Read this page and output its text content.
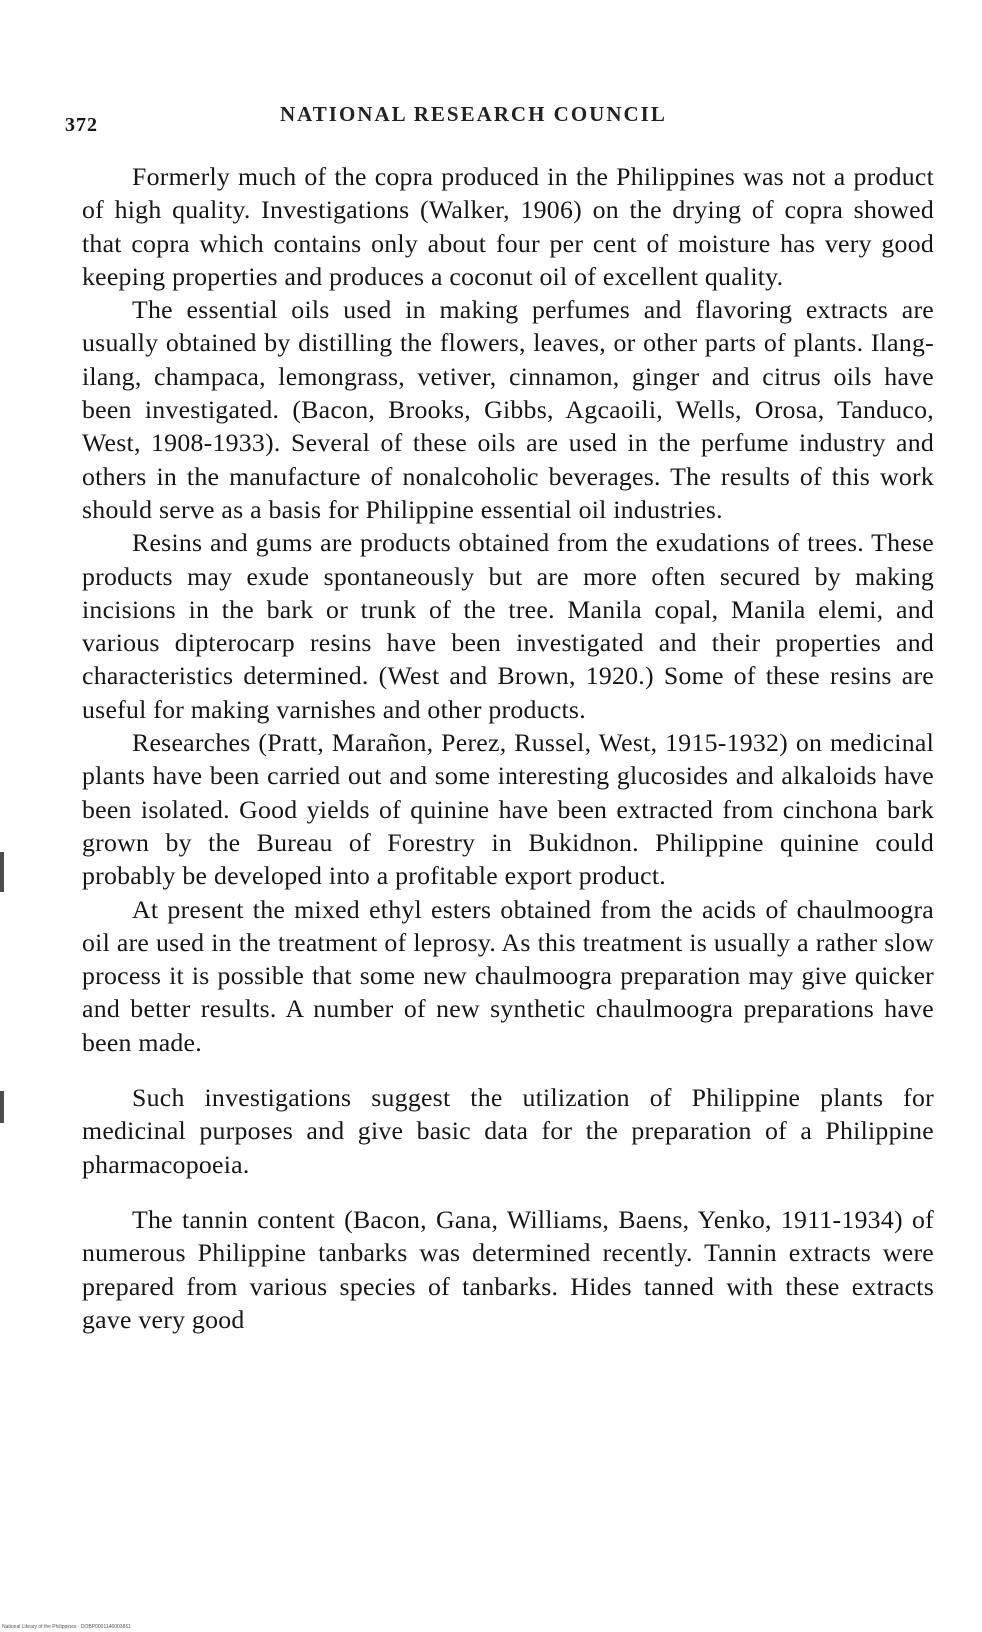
372	NATIONAL RESEARCH COUNCIL

Formerly much of the copra produced in the Philippines was not a product of high quality. Investigations (Walker, 1906) on the drying of copra showed that copra which contains only about four per cent of moisture has very good keeping properties and produces a coconut oil of excellent quality.

The essential oils used in making perfumes and flavoring extracts are usually obtained by distilling the flowers, leaves, or other parts of plants. Ilang-ilang, champaca, lemongrass, vetiver, cinnamon, ginger and citrus oils have been investigated. (Bacon, Brooks, Gibbs, Agcaoili, Wells, Orosa, Tanduco, West, 1908-1933). Several of these oils are used in the perfume industry and others in the manufacture of nonalcoholic beverages. The results of this work should serve as a basis for Philippine essential oil industries.

Resins and gums are products obtained from the exudations of trees. These products may exude spontaneously but are more often secured by making incisions in the bark or trunk of the tree. Manila copal, Manila elemi, and various dipterocarp resins have been investigated and their properties and characteristics determined. (West and Brown, 1920.) Some of these resins are useful for making varnishes and other products.

Researches (Pratt, Marañon, Perez, Russel, West, 1915-1932) on medicinal plants have been carried out and some interesting glucosides and alkaloids have been isolated. Good yields of quinine have been extracted from cinchona bark grown by the Bureau of Forestry in Bukidnon. Philippine quinine could probably be developed into a profitable export product.

At present the mixed ethyl esters obtained from the acids of chaulmoogra oil are used in the treatment of leprosy. As this treatment is usually a rather slow process it is possible that some new chaulmoogra preparation may give quicker and better results. A number of new synthetic chaulmoogra preparations have been made.

Such investigations suggest the utilization of Philippine plants for medicinal purposes and give basic data for the preparation of a Philippine pharmacopoeia.

The tannin content (Bacon, Gana, Williams, Baens, Yenko, 1911-1934) of numerous Philippine tanbarks was determined recently. Tannin extracts were prepared from various species of tanbarks. Hides tanned with these extracts gave very good

National Library of the Philippines · DOBP0001146003861
